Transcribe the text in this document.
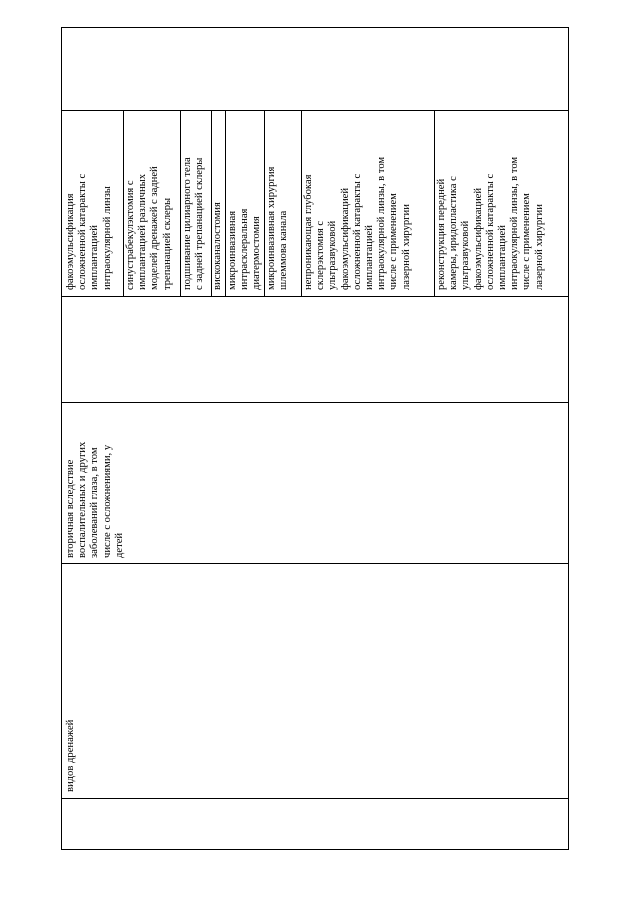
видов дренажей
вторичная вследствие воспалительных и других заболеваний глаза, в том числе с осложнениями, у детей
факоэмульсификация осложненной катаракты с имплантацией интраокулярной линзы синустрабекулэктомия с имплантацией различных моделей дренажей с задней трепанацией склеры подшивание цилиарного тела с задней трепанацией склеры вискоканалостомия микроинвазивная интрасклеральная диатермостомия микроинвазивная хирургия шлеммова канала непроникающая глубокая склерэктомия с ультразвуковой факоэмульсификацией осложненной катаракты с имплантацией интраокулярной линзы, в том числе с применением лазерной хирургии реконструкция передней камеры, иридопластика с ультразвуковой факоэмульсификацией осложненной катаракты с имплантацией интраокулярной линзы, в том числе с применением лазерной хирургии
